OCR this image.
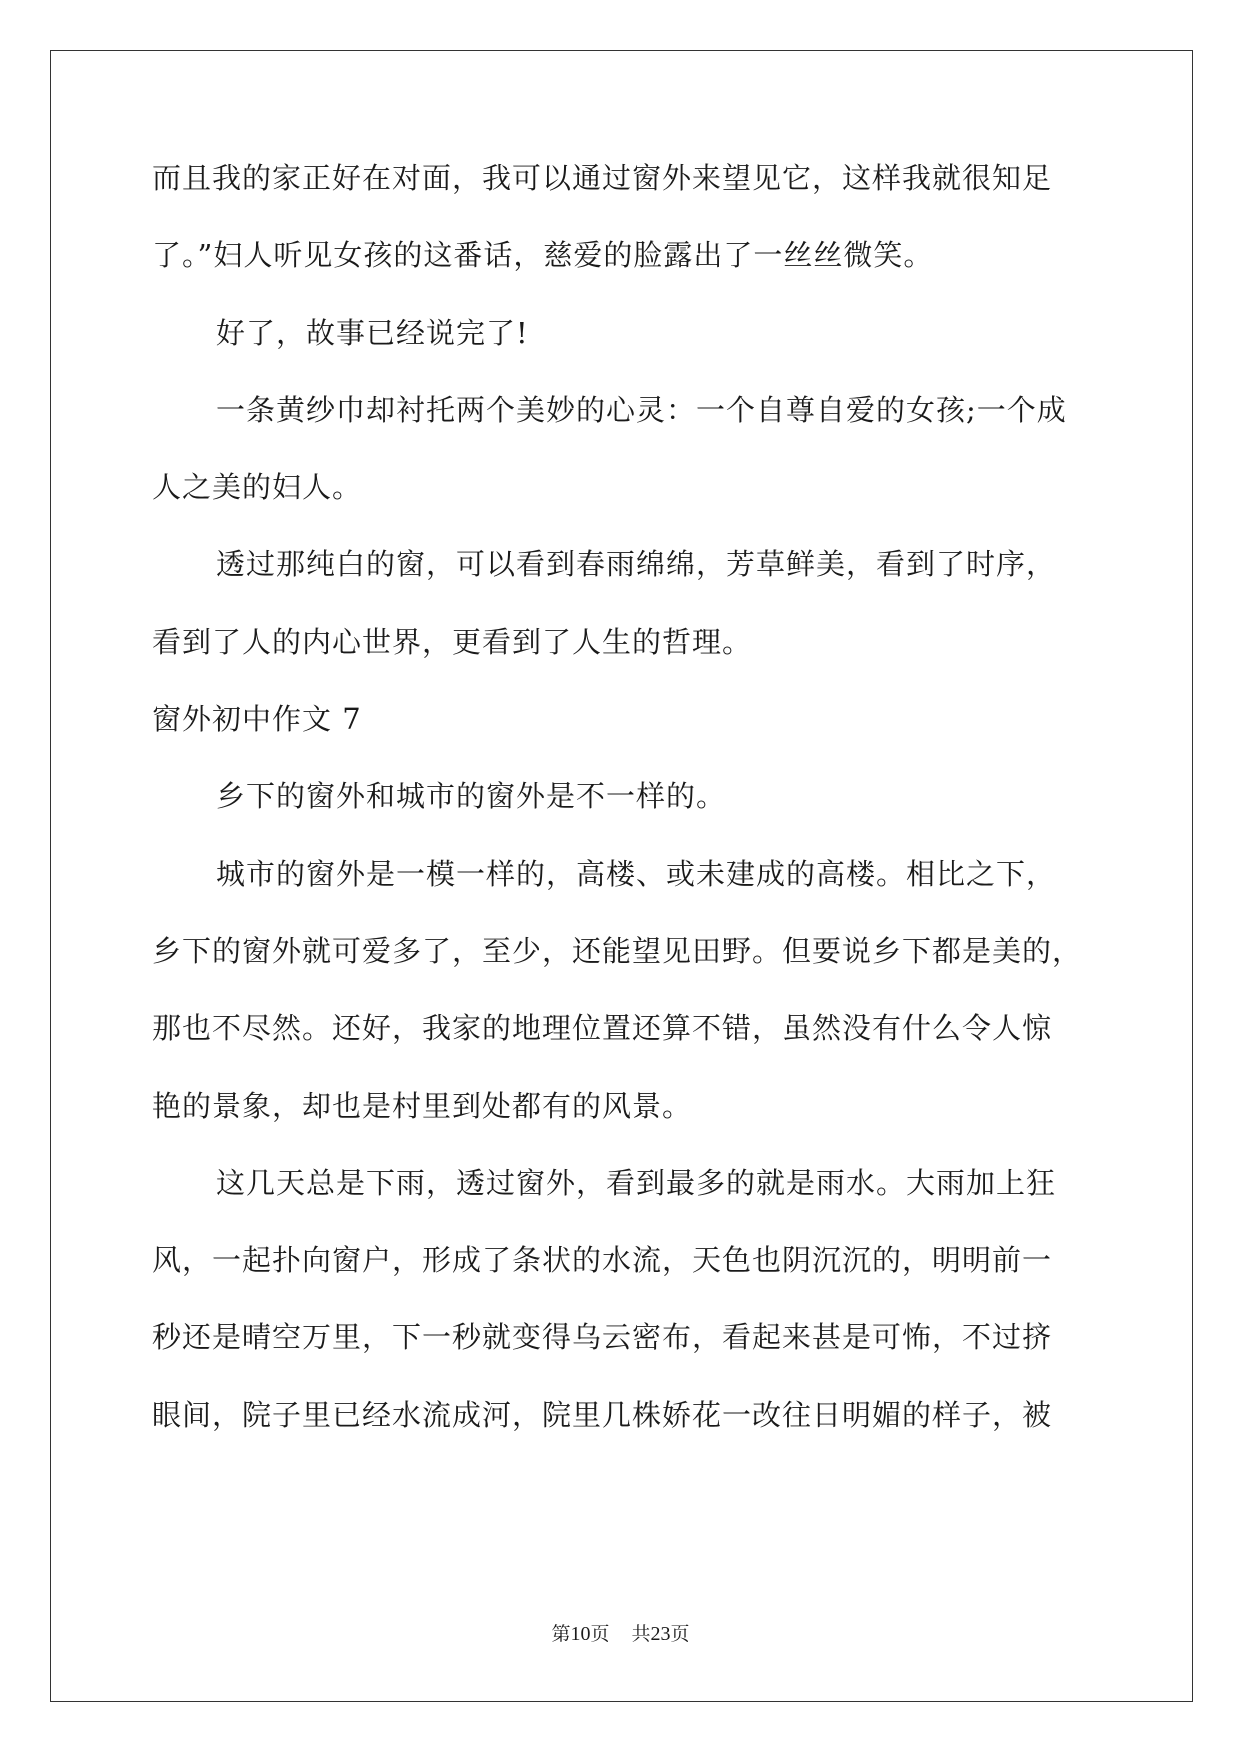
而且我的家正好在对面，我可以通过窗外来望见它，这样我就很知足
了。”妇人听见女孩的这番话，慈爱的脸露出了一丝丝微笑。
好了，故事已经说完了!
一条黄纱巾却衬托两个美妙的心灵：一个自尊自爱的女孩;一个成
人之美的妇人。
透过那纯白的窗，可以看到春雨绵绵，芳草鲜美，看到了时序，
看到了人的内心世界，更看到了人生的哲理。
窗外初中作文 7
乡下的窗外和城市的窗外是不一样的。
城市的窗外是一模一样的，高楼、或未建成的高楼。相比之下，
乡下的窗外就可爱多了，至少，还能望见田野。但要说乡下都是美的，
那也不尽然。还好，我家的地理位置还算不错，虽然没有什么令人惊
艳的景象，却也是村里到处都有的风景。
这几天总是下雨，透过窗外，看到最多的就是雨水。大雨加上狂
风，一起扑向窗户，形成了条状的水流，天色也阴沉沉的，明明前一
秒还是晴空万里，下一秒就变得乌云密布，看起来甚是可怖，不过挤
眼间，院子里已经水流成河，院里几株娇花一改往日明媚的样子，被
第10页 共23页
